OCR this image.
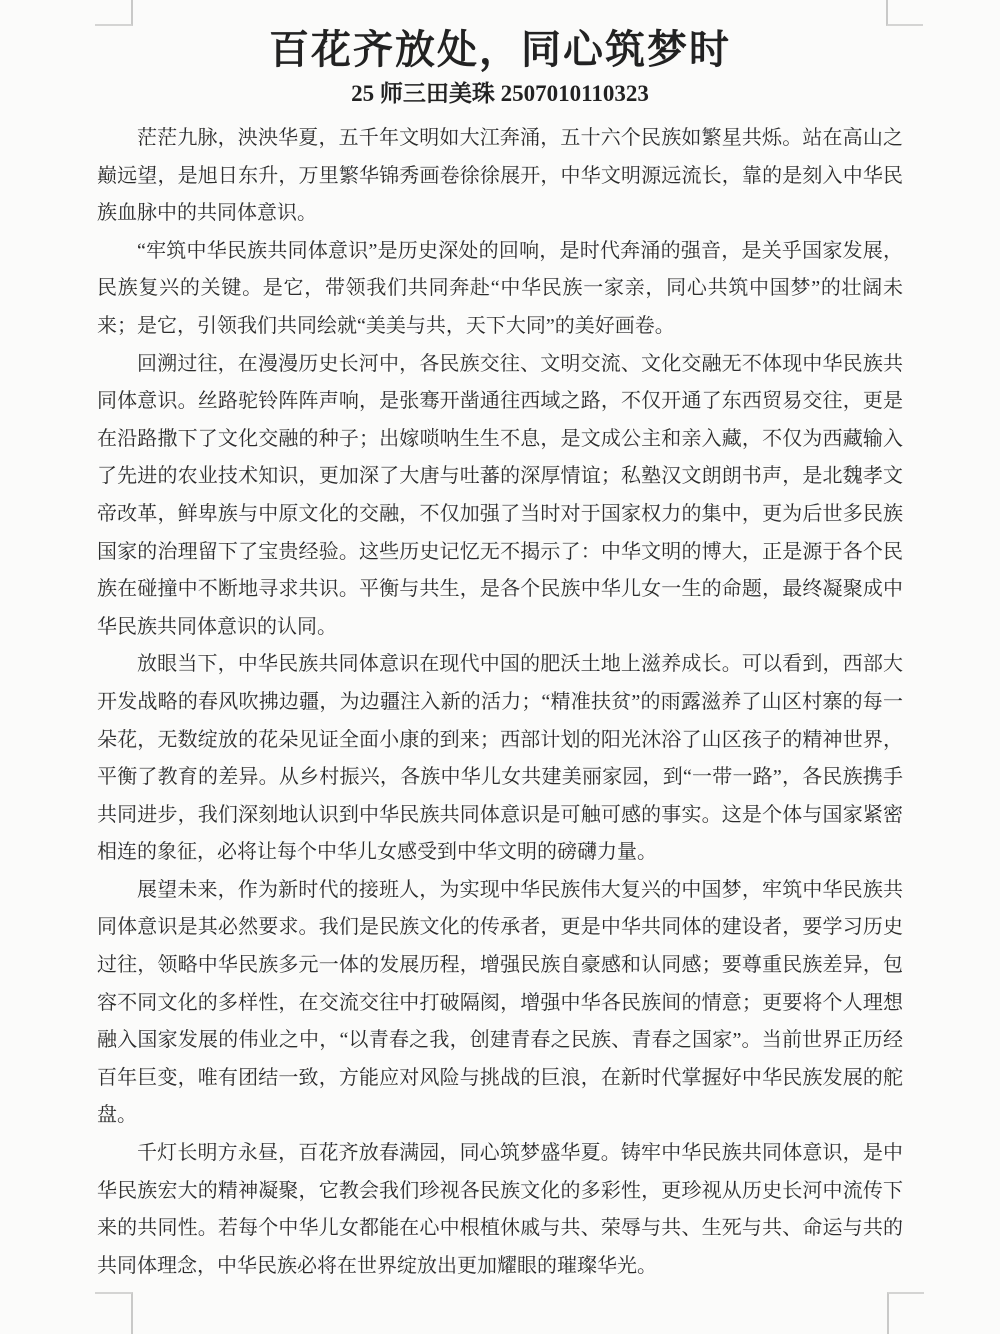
百花齐放处，同心筑梦时
25 师三田美珠 2507010110323

茫茫九脉，泱泱华夏，五千年文明如大江奔涌，五十六个民族如繁星共烁。站在高山之巅远望，是旭日东升，万里繁华锦秀画卷徐徐展开，中华文明源远流长，靠的是刻入中华民族血脉中的共同体意识。

“牢筑中华民族共同体意识”是历史深处的回响，是时代奔涌的强音，是关乎国家发展，民族复兴的关键。是它，带领我们共同奔赴“中华民族一家亲，同心共筑中国梦”的壮阔未来；是它，引领我们共同绘就“美美与共，天下大同”的美好画卷。

回溯过往，在漫漫历史长河中，各民族交往、文明交流、文化交融无不体现中华民族共同体意识。丝路驼铃阵阵声响，是张骞开凿通往西域之路，不仅开通了东西贸易交往，更是在沿路撒下了文化交融的种子；出嫁唢呐生生不息，是文成公主和亲入藏，不仅为西藏输入了先进的农业技术知识，更加深了大唐与吐蕃的深厚情谊；私塾汉文朗朗书声，是北魏孝文帝改革，鲜卑族与中原文化的交融，不仅加强了当时对于国家权力的集中，更为后世多民族国家的治理留下了宝贵经验。这些历史记忆无不揭示了：中华文明的博大，正是源于各个民族在碰撞中不断地寻求共识。平衡与共生，是各个民族中华儿女一生的命题，最终凝聚成中华民族共同体意识的认同。

放眼当下，中华民族共同体意识在现代中国的肥沃土地上滋养成长。可以看到，西部大开发战略的春风吹拂边疆，为边疆注入新的活力；“精准扶贫”的雨露滋养了山区村寨的每一朵花，无数绽放的花朵见证全面小康的到来；西部计划的阳光沐浴了山区孩子的精神世界，平衡了教育的差异。从乡村振兴，各族中华儿女共建美丽家园，到“一带一路”，各民族携手共同进步，我们深刻地认识到中华民族共同体意识是可触可感的事实。这是个体与国家紧密相连的象征，必将让每个中华儿女感受到中华文明的磅礴力量。

展望未来，作为新时代的接班人，为实现中华民族伟大复兴的中国梦，牢筑中华民族共同体意识是其必然要求。我们是民族文化的传承者，更是中华共同体的建设者，要学习历史过往，领略中华民族多元一体的发展历程，增强民族自豪感和认同感；要尊重民族差异，包容不同文化的多样性，在交流交往中打破隔阂，增强中华各民族间的情意；更要将个人理想融入国家发展的伟业之中，“以青春之我，创建青春之民族、青春之国家”。当前世界正历经百年巨变，唯有团结一致，方能应对风险与挑战的巨浪，在新时代掌握好中华民族发展的舵盘。

千灯长明方永昼，百花齐放春满园，同心筑梦盛华夏。铸牢中华民族共同体意识，是中华民族宏大的精神凝聚，它教会我们珍视各民族文化的多彩性，更珍视从历史长河中流传下来的共同性。若每个中华儿女都能在心中根植休戚与共、荣辱与共、生死与共、命运与共的共同体理念，中华民族必将在世界绽放出更加耀眼的璀璨华光。
